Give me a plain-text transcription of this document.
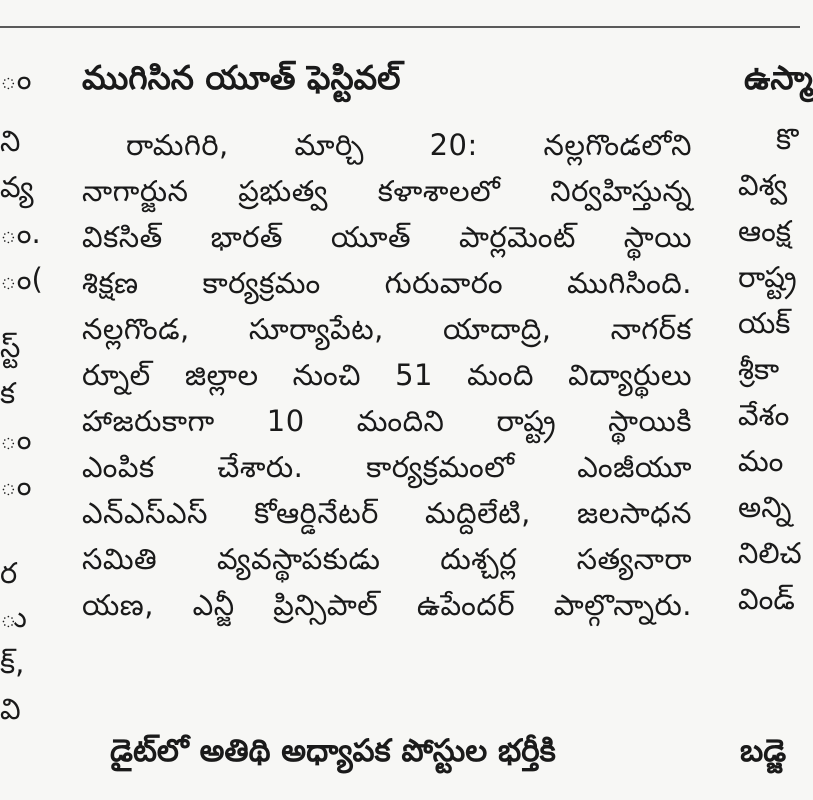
ం

ని

వ్య

ం.

ం(

స్ట్

క

ం

ం

ర

ు

క్,

వి

ముగిసిన యూత్ ఫెస్టివల్
రామగిరి, మార్చి 20: నల్లగొండలోని
నాగార్జున ప్రభుత్వ కళాశాలలో నిర్వహిస్తున్న
వికసిత్ భారత్ యూత్ పార్లమెంట్ స్థాయి
శిక్షణ కార్యక్రమం గురువారం ముగిసింది.
నల్లగొండ, సూర్యాపేట, యాదాద్రి, నాగర్‌క
ర్నూల్ జిల్లాల నుంచి 51 మంది విద్యార్థులు
హాజరుకాగా 10 మందిని రాష్ట్ర స్థాయికి
ఎంపిక చేశారు. కార్యక్రమంలో ఎంజీయూ
ఎన్‌ఎస్‌ఎస్ కోఆర్డినేటర్ మద్దిలేటి, జలసాధన
సమితి వ్యవస్థాపకుడు దుశ్చర్ల సత్యనారా
యణ, ఎన్జీ ప్రిన్సిపాల్ ఉపేందర్ పాల్గొన్నారు.
డైట్‌లో అతిథి అధ్యాపక పోస్టుల భర్తీకి
ఉస్మా

కొ

విశ్వ

ఆంక్ష

రాష్ట్ర

యక్

శ్రీకా

వేశం

మం

అన్ని

నిలిచ

విండ్

బడ్జె
